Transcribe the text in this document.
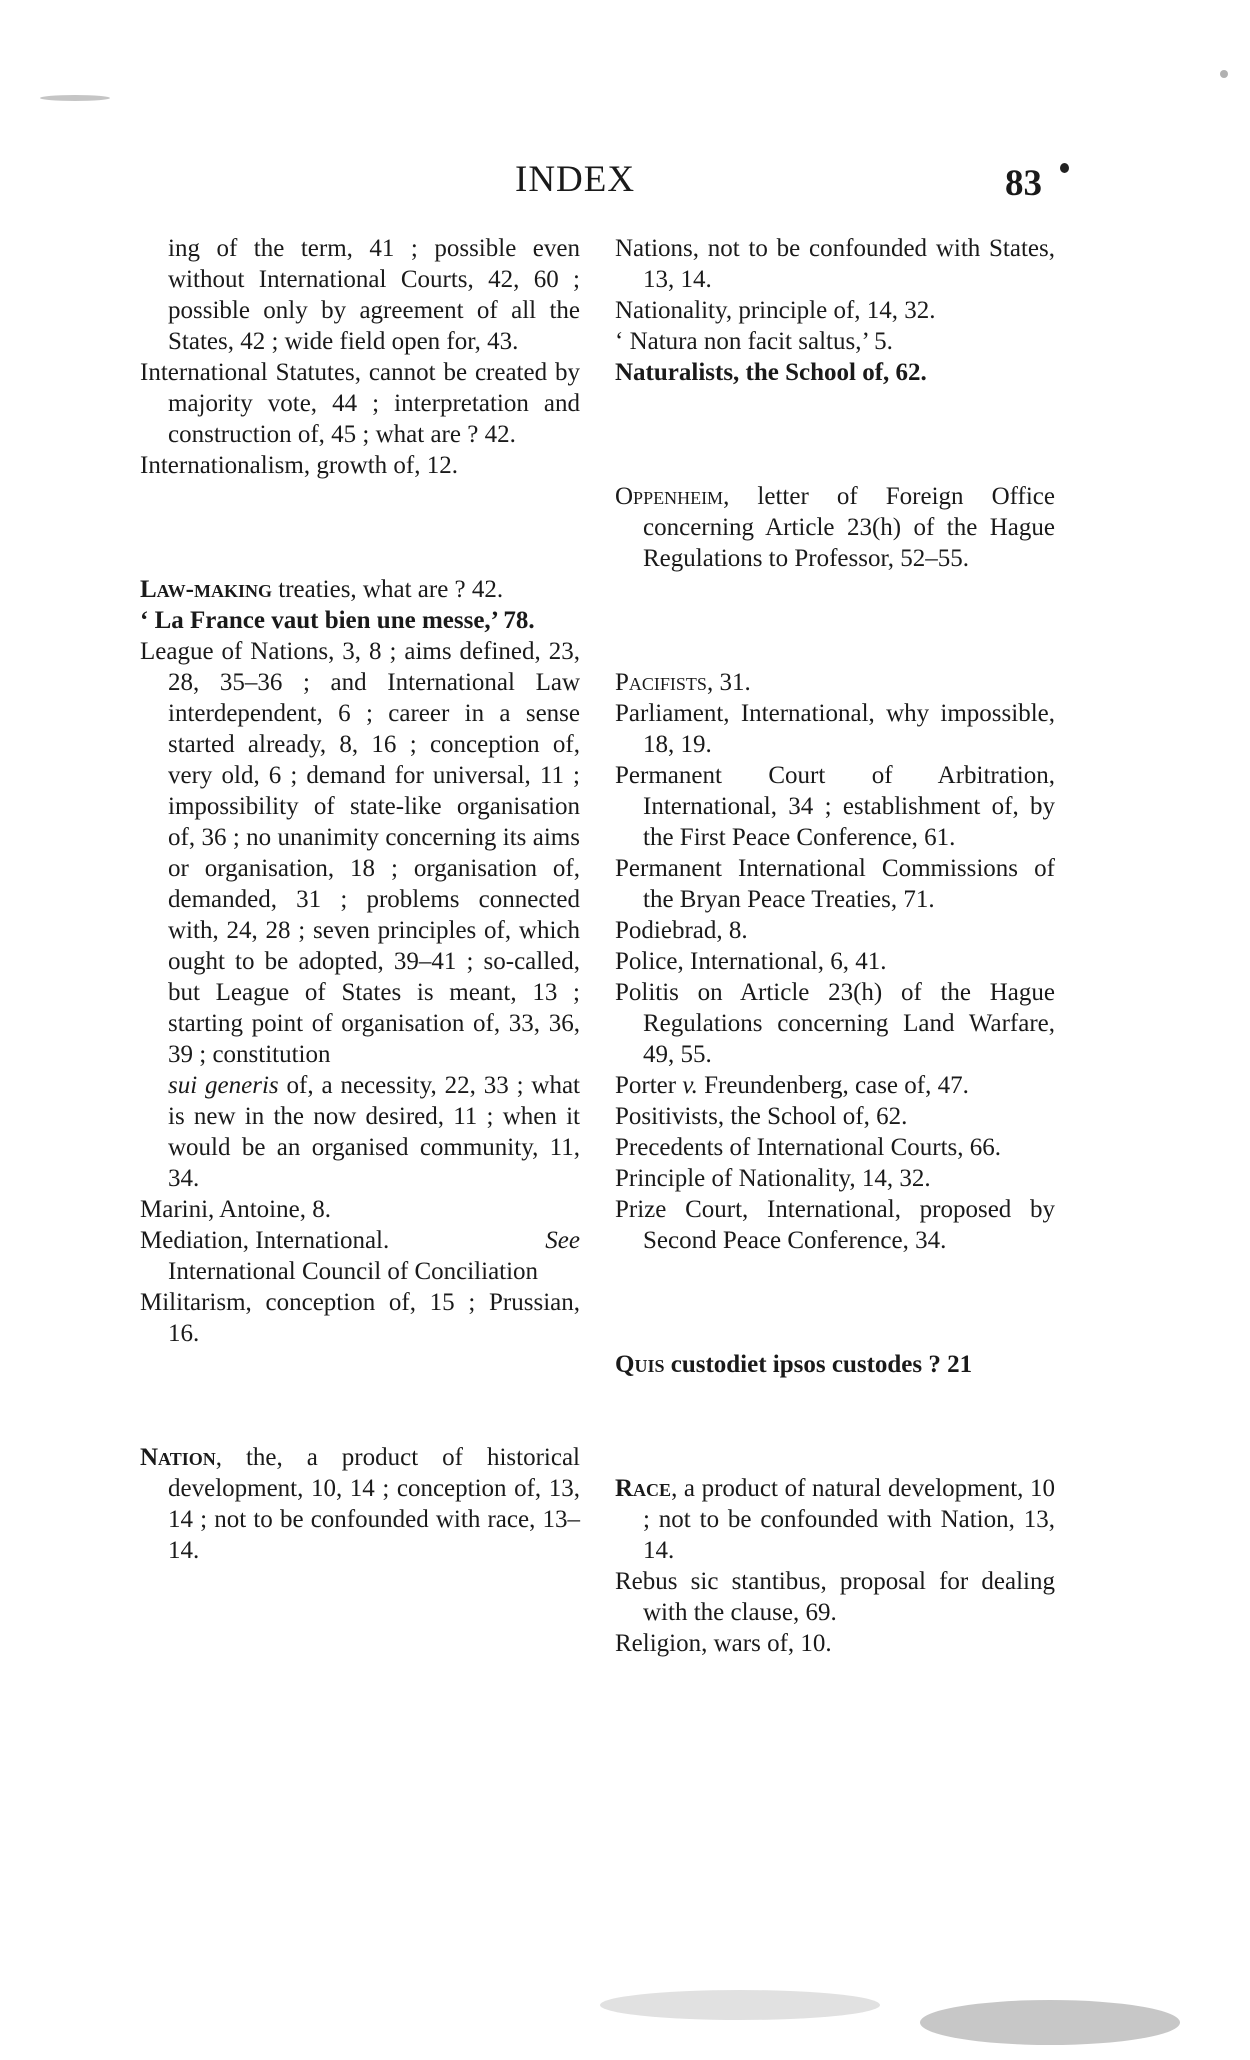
INDEX	83
ing of the term, 41 ; possible even without International Courts, 42, 60 ; possible only by agreement of all the States, 42 ; wide field open for, 43.
International Statutes, cannot be created by majority vote, 44 ; interpretation and construction of, 45 ; what are ? 42.
Internationalism, growth of, 12.
Law-making treaties, what are ? 42.
‘ La France vaut bien une messe,’ 78.
League of Nations, 3, 8 ; aims defined, 23, 28, 35–36 ; and International Law interdependent, 6 ; career in a sense started already, 8, 16 ; conception of, very old, 6 ; demand for universal, 11 ; impossibility of state-like organisation of, 36 ; no unanimity concerning its aims or organisation, 18 ; organisation of, demanded, 31 ; problems connected with, 24, 28 ; seven principles of, which ought to be adopted, 39–41 ; so-called, but League of States is meant, 13 ; starting point of organisation of, 33, 36, 39 ; constitution
sui generis of, a necessity, 22, 33 ; what is new in the now desired, 11 ; when it would be an organised community, 11, 34.
Marini, Antoine, 8.
Mediation, International.	See

International Council of Conciliation
Militarism, conception of, 15 ; Prussian, 16.
Nation, the, a product of historical development, 10, 14 ; conception of, 13, 14 ; not to be confounded with race, 13–14.
Nations, not to be confounded with States, 13, 14.
Nationality, principle of, 14, 32.
‘ Natura non facit saltus,’ 5.
Naturalists, the School of, 62.
Oppenheim, letter of Foreign Office concerning Article 23(h) of the Hague Regulations to Professor, 52–55.
Pacifists, 31.
Parliament, International, why impossible, 18, 19.
Permanent Court of Arbitration, International, 34 ; establishment of, by the First Peace Conference, 61.
Permanent International Commissions of the Bryan Peace Treaties, 71.
Podiebrad, 8.
Police, International, 6, 41.
Politis on Article 23(h) of the Hague Regulations concerning Land Warfare, 49, 55.
Porter v. Freundenberg, case of, 47.
Positivists, the School of, 62.
Precedents of International Courts, 66.
Principle of Nationality, 14, 32.
Prize Court, International, proposed by Second Peace Conference, 34.
Quis custodiet ipsos custodes ? 21
Race, a product of natural development, 10 ; not to be confounded with Nation, 13, 14.
Rebus sic stantibus, proposal for dealing with the clause, 69.
Religion, wars of, 10.
